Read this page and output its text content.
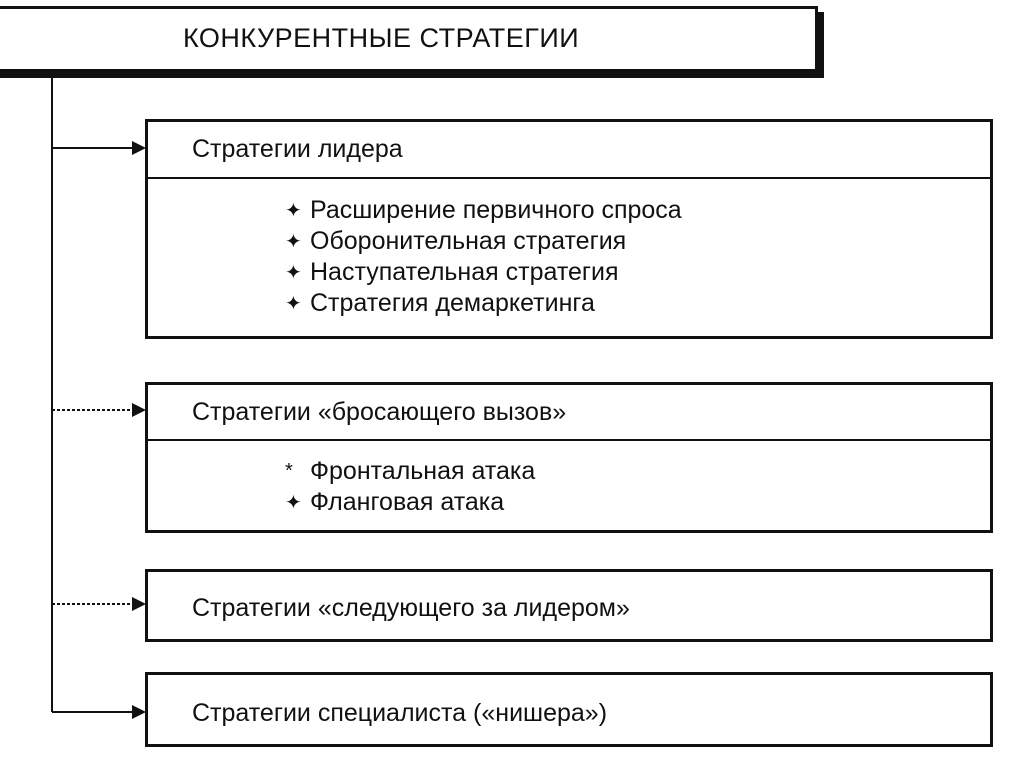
КОНКУРЕНТНЫЕ СТРАТЕГИИ
Стратегии лидера
✦ Расширение первичного спроса
✦ Оборонительная стратегия
✦ Наступательная стратегия
✦ Стратегия демаркетинга
Стратегии «бросающего вызов»
* Фронтальная атака
✦ Фланговая атака
Стратегии «следующего за лидером»
Стратегии специалиста («нишера»)
